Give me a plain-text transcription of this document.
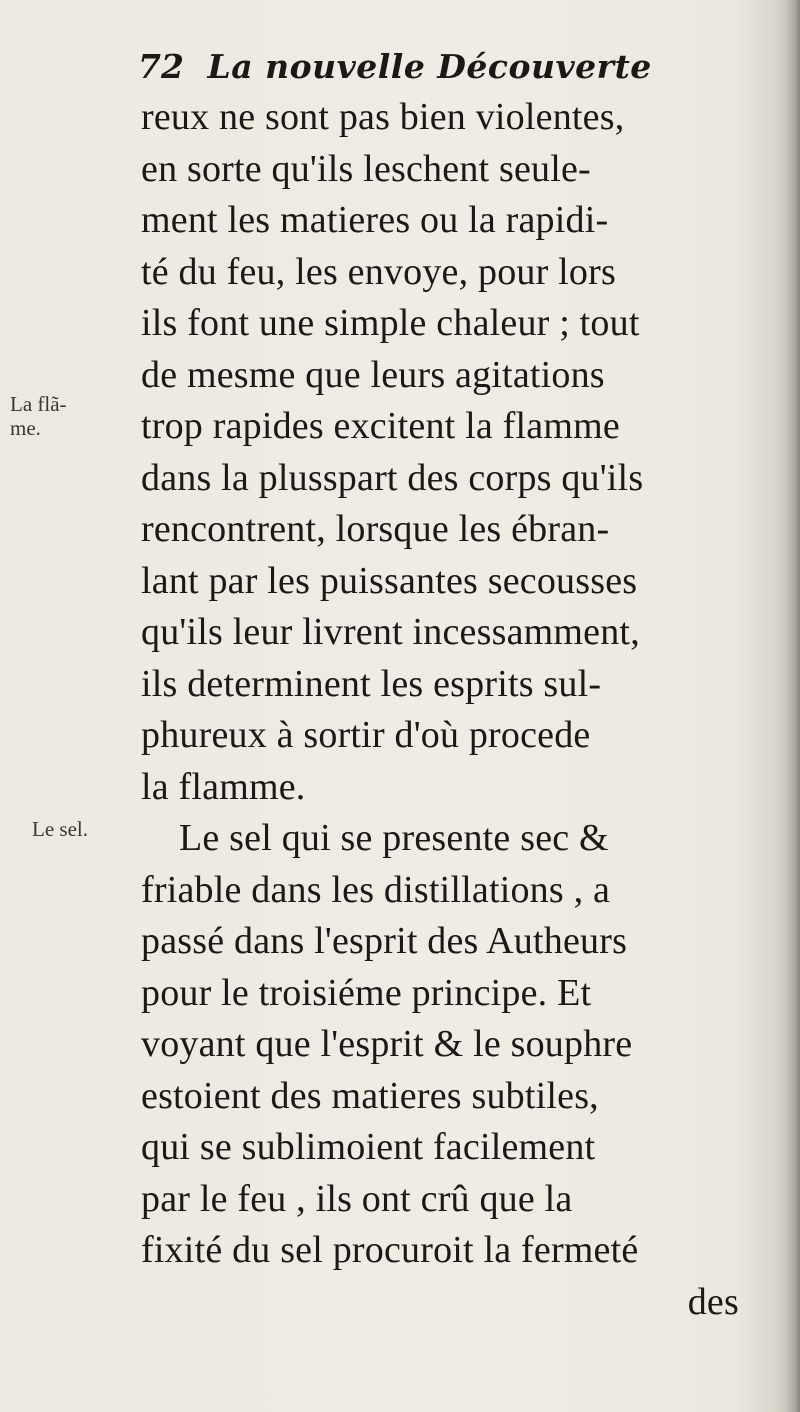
72 La nouvelle Découverte
La flã-
me.
Le sel.
reux ne sont pas bien violentes,
en sorte qu'ils leschent seule-
ment les matieres ou la rapidi-
té du feu, les envoye, pour lors
ils font une simple chaleur ; tout
de mesme que leurs agitations
trop rapides excitent la flamme
dans la plusspart des corps qu'ils
rencontrent, lorsque les ébran-
lant par les puissantes secousses
qu'ils leur livrent incessamment,
ils determinent les esprits sul-
phureux à sortir d'où procede
la flamme.
Le sel qui se presente sec &
friable dans les distillations , a
passé dans l'esprit des Autheurs
pour le troisiéme principe. Et
voyant que l'esprit & le souphre
estoient des matieres subtiles,
qui se sublimoient facilement
par le feu , ils ont crû que la
fixité du sel procuroit la fermeté
des
